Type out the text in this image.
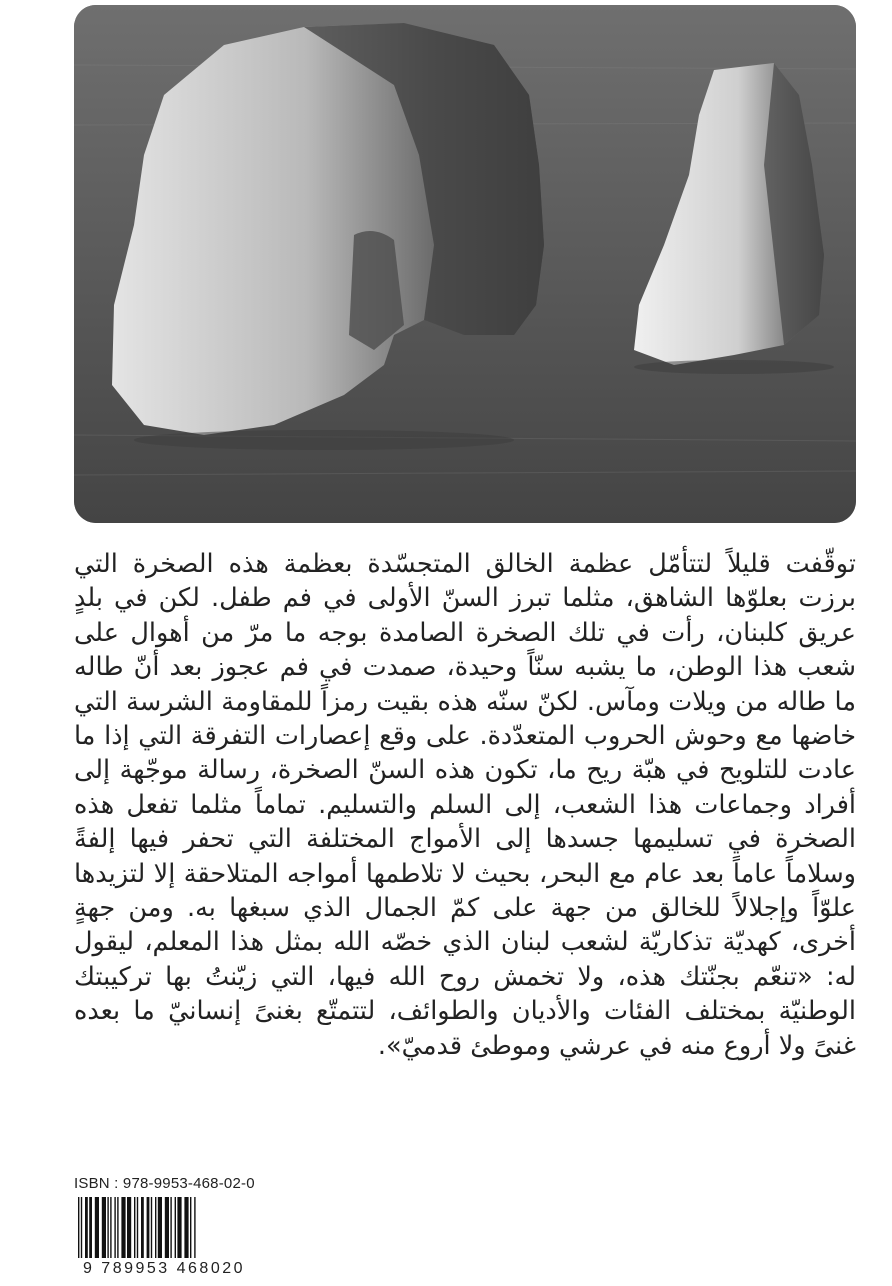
توقّفت قليلاً لتتأمّل عظمة الخالق المتجسّدة بعظمة هذه الصخرة التي برزت بعلوّها الشاهق، مثلما تبرز السنّ الأولى في فم طفل. لكن في بلدٍ عريق كلبنان، رأت في تلك الصخرة الصامدة بوجه ما مرّ من أهوال على شعب هذا الوطن، ما يشبه سنّاً وحيدة، صمدت في فم عجوز بعد أنّ طاله ما طاله من ويلات ومآس. لكنّ سنّه هذه بقيت رمزاً للمقاومة الشرسة التي خاضها مع وحوش الحروب المتعدّدة. على وقع إعصارات التفرقة التي إذا ما عادت للتلويح في هبّة ريح ما، تكون هذه السنّ الصخرة، رسالة موجّهة إلى أفراد وجماعات هذا الشعب، إلى السلم والتسليم. تماماً مثلما تفعل هذه الصخرة في تسليمها جسدها إلى الأمواج المختلفة التي تحفر فيها إلفةً وسلاماً عاماً بعد عام مع البحر، بحيث لا تلاطمها أمواجه المتلاحقة إلا لتزيدها علوّاً وإجلالاً للخالق من جهة على كمّ الجمال الذي سبغها به. ومن جهةٍ أخرى، كهديّة تذكاريّة لشعب لبنان الذي خصّه الله بمثل هذا المعلم، ليقول له: «تنعّم بجنّتك هذه، ولا تخمش روح الله فيها، التي زيّنتُ بها تركيبتك الوطنيّة بمختلف الفئات والأديان والطوائف، لتتمتّع بغنىً إنسانيّ ما بعده غنىً ولا أروع منه في عرشي وموطئ قدميّ».

ISBN : 978-9953-468-02-0
9 789953 468020
